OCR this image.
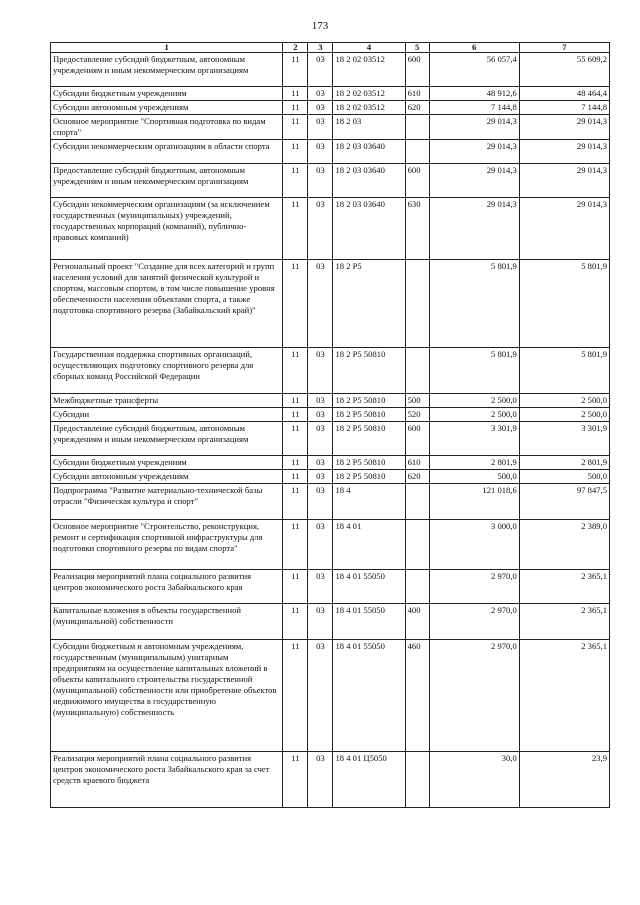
173
1	2	3	4	5	6	7
Предоставление субсидий бюджетным, автономным учреждениям и иным некоммерческим организациям	11	03	18 2 02 03512	600	56 057,4	55 609,2
Субсидии бюджетным учреждениям	11	03	18 2 02 03512	610	48 912,6	48 464,4
Субсидии автономным учреждениям	11	03	18 2 02 03512	620	7 144,8	7 144,8
Основное мероприятие "Спортивная подготовка по видам спорта"	11	03	18 2 03		29 014,3	29 014,3
Субсидии некоммерческим организациям в области спорта	11	03	18 2 03 03640		29 014,3	29 014,3
Предоставление субсидий бюджетным, автономным учреждениям и иным некоммерческим организациям	11	03	18 2 03 03640	600	29 014,3	29 014,3
Субсидии некоммерческим организациям (за исключением государственных (муниципальных) учреждений, государственных корпораций (компаний), публично-правовых компаний)	11	03	18 2 03 03640	630	29 014,3	29 014,3
Региональный проект "Создание для всех категорий и групп населения условий для занятий физической культурой и спортом, массовым спортом, в том числе повышение уровня обеспеченности населения объектами спорта, а также подготовка спортивного резерва (Забайкальский край)"	11	03	18 2 P5		5 801,9	5 801,9
Государственная поддержка спортивных организаций, осуществляющих подготовку спортивного резерва для сборных команд Российской Федерации	11	03	18 2 P5 50810		5 801,9	5 801,9
Межбюджетные трансферты	11	03	18 2 P5 50810	500	2 500,0	2 500,0
Субсидии	11	03	18 2 P5 50810	520	2 500,0	2 500,0
Предоставление субсидий бюджетным, автономным учреждениям и иным некоммерческим организациям	11	03	18 2 P5 50810	600	3 301,9	3 301,9
Субсидии бюджетным учреждениям	11	03	18 2 P5 50810	610	2 801,9	2 801,9
Субсидии автономным учреждениям	11	03	18 2 P5 50810	620	500,0	500,0
Подпрограмма "Развитие материально-технической базы отрасли "Физическая культура и спорт"	11	03	18 4		121 018,6	97 847,5
Основное мероприятие "Строительство, реконструкция, ремонт и сертификация спортивной инфраструктуры для подготовки спортивного резерва по видам спорта"	11	03	18 4 01		3 000,0	2 389,0
Реализация мероприятий плана социального развития центров экономического роста Забайкальского края	11	03	18 4 01 55050		2 970,0	2 365,1
Капитальные вложения в объекты государственной (муниципальной) собственности	11	03	18 4 01 55050	400	2 970,0	2 365,1
Субсидии бюджетным и автономным учреждениям, государственным (муниципальным) унитарным предприятиям на осуществление капитальных вложений в объекты капитального строительства государственной (муниципальной) собственности или приобретение объектов недвижимого имущества в государственную (муниципальную) собственность	11	03	18 4 01 55050	460	2 970,0	2 365,1
Реализация мероприятий плана социального развития центров экономического роста Забайкальского края за счет средств краевого бюджета	11	03	18 4 01 Ц5050		30,0	23,9
